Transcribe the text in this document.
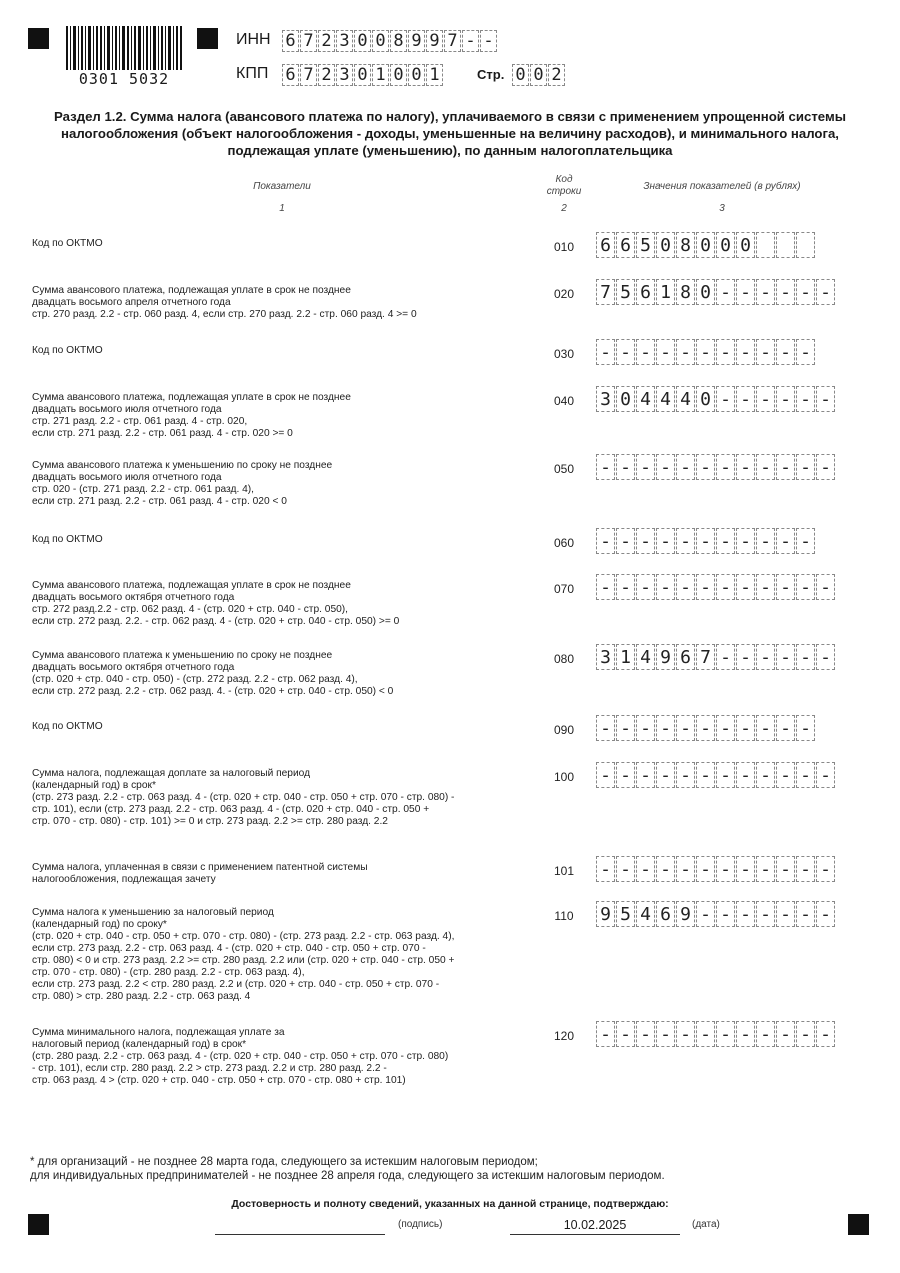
0301 5032
ИНН 6 7 2 3 0 0 8 9 9 7 - -
КПП 6 7 2 3 0 1 0 0 1	Стр. 0 0 2
Раздел 1.2. Сумма налога (авансового платежа по налогу), уплачиваемого в связи с применением упрощенной системы налогообложения (объект налогообложения - доходы, уменьшенные на величину расходов), и минимального налога, подлежащая уплате (уменьшению), по данным налогоплательщика
Показатели
1
Код строки
2
Значения показателей (в рублях)
3
Код по ОКТМО	010	6 6 5 0 8 0 0 0
Сумма авансового платежа, подлежащая уплате в срок не позднее
двадцать восьмого апреля отчетного года
стр. 270 разд. 2.2 - стр. 060 разд. 4, если стр. 270 разд. 2.2 - стр. 060 разд. 4 >= 0
020	7 5 6 1 8 0 - - - - - -
Код по ОКТМО	030	- - - - - - - - - - -
Сумма авансового платежа, подлежащая уплате в срок не позднее
двадцать восьмого июля отчетного года
стр. 271 разд. 2.2 - стр. 061 разд. 4 - стр. 020,
если стр. 271 разд. 2.2 - стр. 061 разд. 4 - стр. 020 >= 0
040	3 0 4 4 4 0 - - - - - -
Сумма авансового платежа к уменьшению по сроку не позднее
двадцать восьмого июля отчетного года
стр. 020 - (стр. 271 разд. 2.2 - стр. 061 разд. 4),
если стр. 271 разд. 2.2 - стр. 061 разд. 4 - стр. 020 < 0
050	- - - - - - - - - - - -
Код по ОКТМО	060	- - - - - - - - - - -
Сумма авансового платежа, подлежащая уплате в срок не позднее
двадцать восьмого октября отчетного года
стр. 272 разд.2.2 - стр. 062 разд. 4 - (стр. 020 + стр. 040 - стр. 050),
если стр. 272 разд. 2.2. - стр. 062 разд. 4 - (стр. 020 + стр. 040 - стр. 050) >= 0
070	- - - - - - - - - - - -
Сумма авансового платежа к уменьшению по сроку не позднее
двадцать восьмого октября отчетного года
(стр. 020 + стр. 040 - стр. 050) - (стр. 272 разд. 2.2 - стр. 062 разд. 4),
если стр. 272 разд. 2.2 - стр. 062 разд. 4. - (стр. 020 + стр. 040 - стр. 050) < 0
080	3 1 4 9 6 7 - - - - - -
Код по ОКТМО	090	- - - - - - - - - - -
Сумма налога, подлежащая доплате за налоговый период
(календарный год) в срок*
(стр. 273 разд. 2.2 - стр. 063 разд. 4 - (стр. 020 + стр. 040 - стр. 050 + стр. 070 - стр. 080) -
стр. 101), если (стр. 273 разд. 2.2 - стр. 063 разд. 4 - (стр. 020 + стр. 040 - стр. 050 +
стр. 070 - стр. 080) - стр. 101) >= 0 и стр. 273 разд. 2.2 >= стр. 280 разд. 2.2
100	- - - - - - - - - - - -
Сумма налога, уплаченная в связи с применением патентной системы
налогообложения, подлежащая зачету
101	- - - - - - - - - - - -
Сумма налога к уменьшению за налоговый период
(календарный год) по сроку*
(стр. 020 + стр. 040 - стр. 050 + стр. 070 - стр. 080) - (стр. 273 разд. 2.2 - стр. 063 разд. 4),
если стр. 273 разд. 2.2 - стр. 063 разд. 4 - (стр. 020 + стр. 040 - стр. 050 + стр. 070 -
стр. 080) < 0 и стр. 273 разд. 2.2 >= стр. 280 разд. 2.2 или (стр. 020 + стр. 040 - стр. 050 +
стр. 070 - стр. 080) - (стр. 280 разд. 2.2 - стр. 063 разд. 4),
если стр. 273 разд. 2.2 < стр. 280 разд. 2.2 и (стр. 020 + стр. 040 - стр. 050 + стр. 070 -
стр. 080) > стр. 280 разд. 2.2 - стр. 063 разд. 4
110	9 5 4 6 9 - - - - - - -
Сумма минимального налога, подлежащая уплате за
налоговый период (календарный год) в срок*
(стр. 280 разд. 2.2 - стр. 063 разд. 4 - (стр. 020 + стр. 040 - стр. 050 + стр. 070 - стр. 080)
- стр. 101), если стр. 280 разд. 2.2 > стр. 273 разд. 2.2 и стр. 280 разд. 2.2 -
стр. 063 разд. 4 > (стр. 020 + стр. 040 - стр. 050 + стр. 070 - стр. 080 + стр. 101)
120	- - - - - - - - - - - -
* для организаций - не позднее 28 марта года, следующего за истекшим налоговым периодом;
для индивидуальных предпринимателей - не позднее 28 апреля года, следующего за истекшим налоговым периодом.
Достоверность и полноту сведений, указанных на данной странице, подтверждаю:
(подпись)	10.02.2025	(дата)
